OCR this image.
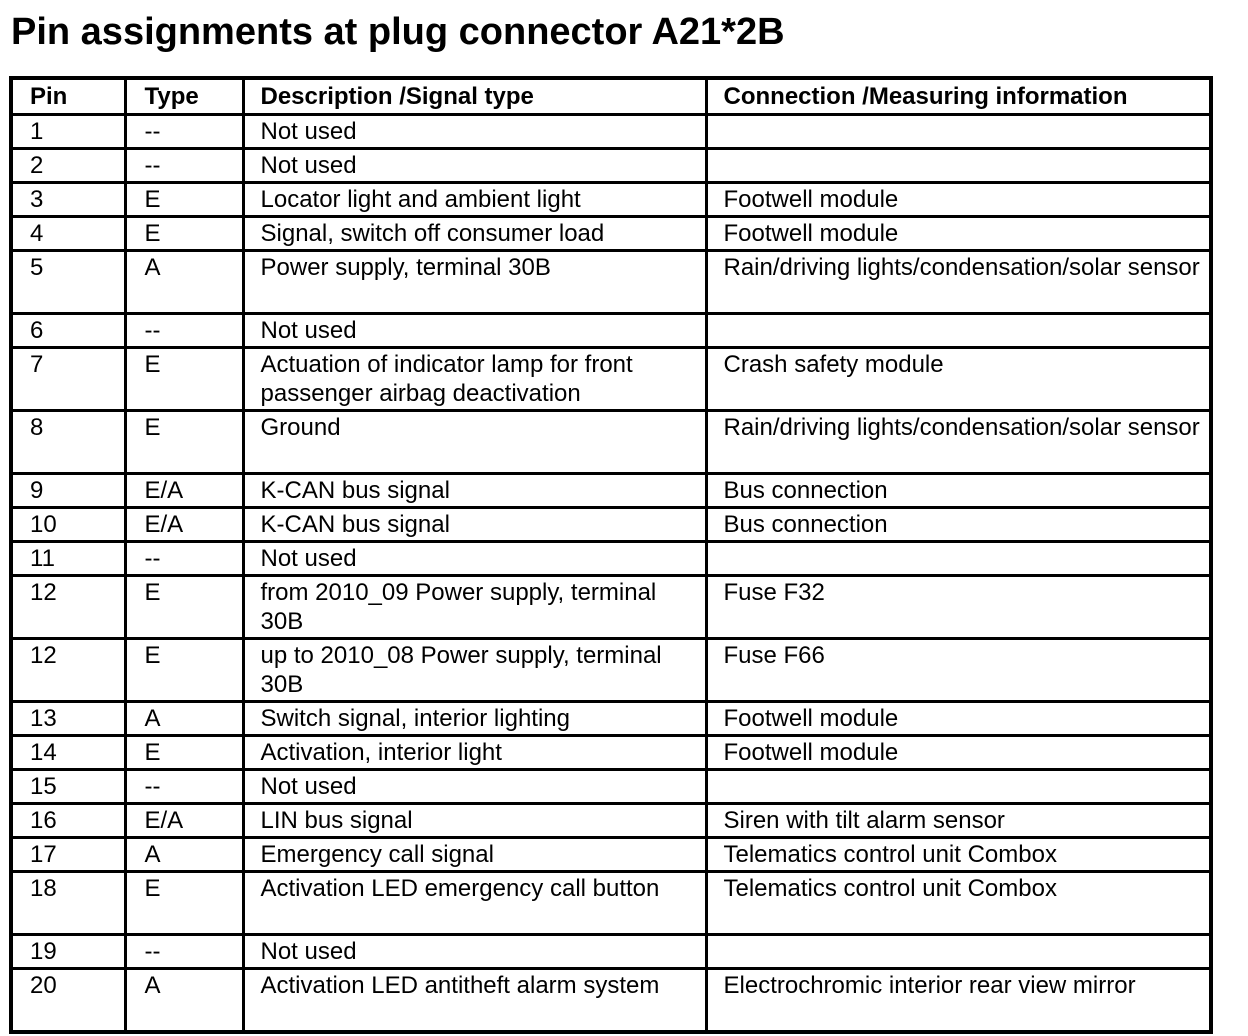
Pin assignments at plug connector A21*2B
Pin	Type	Description /Signal type	Connection /Measuring information
1	--	Not used	
2	--	Not used	
3	E	Locator light and ambient light	Footwell module
4	E	Signal, switch off consumer load	Footwell module
5	A	Power supply, terminal 30B	Rain/driving lights/condensation/solar sensor
6	--	Not used	
7	E	Actuation of indicator lamp for front passenger airbag deactivation	Crash safety module
8	E	Ground	Rain/driving lights/condensation/solar sensor
9	E/A	K-CAN bus signal	Bus connection
10	E/A	K-CAN bus signal	Bus connection
11	--	Not used	
12	E	from 2010_09 Power supply, terminal 30B	Fuse F32
12	E	up to 2010_08 Power supply, terminal 30B	Fuse F66
13	A	Switch signal, interior lighting	Footwell module
14	E	Activation, interior light	Footwell module
15	--	Not used	
16	E/A	LIN bus signal	Siren with tilt alarm sensor
17	A	Emergency call signal	Telematics control unit Combox
18	E	Activation LED emergency call button	Telematics control unit Combox
19	--	Not used	
20	A	Activation LED antitheft alarm system	Electrochromic interior rear view mirror
